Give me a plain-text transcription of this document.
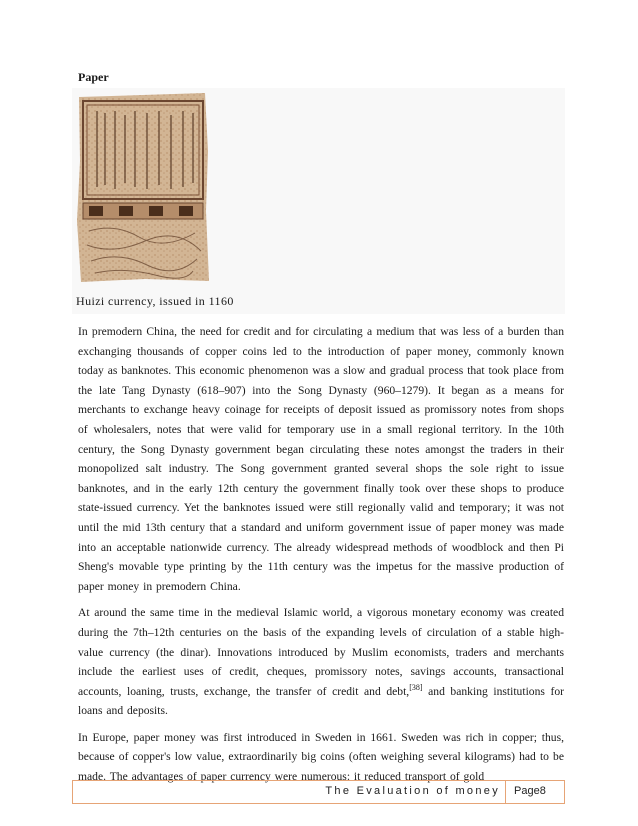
Paper
Huizi currency, issued in 1160

In premodern China, the need for credit and for circulating a medium that was less of a burden than exchanging thousands of copper coins led to the introduction of paper money, commonly known today as banknotes. This economic phenomenon was a slow and gradual process that took place from the late Tang Dynasty (618–907) into the Song Dynasty (960–1279). It began as a means for merchants to exchange heavy coinage for receipts of deposit issued as promissory notes from shops of wholesalers, notes that were valid for temporary use in a small regional territory. In the 10th century, the Song Dynasty government began circulating these notes amongst the traders in their monopolized salt industry. The Song government granted several shops the sole right to issue banknotes, and in the early 12th century the government finally took over these shops to produce state-issued currency. Yet the banknotes issued were still regionally valid and temporary; it was not until the mid 13th century that a standard and uniform government issue of paper money was made into an acceptable nationwide currency. The already widespread methods of woodblock and then Pi Sheng's movable type printing by the 11th century was the impetus for the massive production of paper money in premodern China.

At around the same time in the medieval Islamic world, a vigorous monetary economy was created during the 7th–12th centuries on the basis of the expanding levels of circulation of a stable high-value currency (the dinar). Innovations introduced by Muslim economists, traders and merchants include the earliest uses of credit, cheques, promissory notes, savings accounts, transactional accounts, loaning, trusts, exchange, the transfer of credit and debt,[38] and banking institutions for loans and deposits.

In Europe, paper money was first introduced in Sweden in 1661. Sweden was rich in copper; thus, because of copper's low value, extraordinarily big coins (often weighing several kilograms) had to be made. The advantages of paper currency were numerous: it reduced transport of gold

The Evaluation of money Page8
